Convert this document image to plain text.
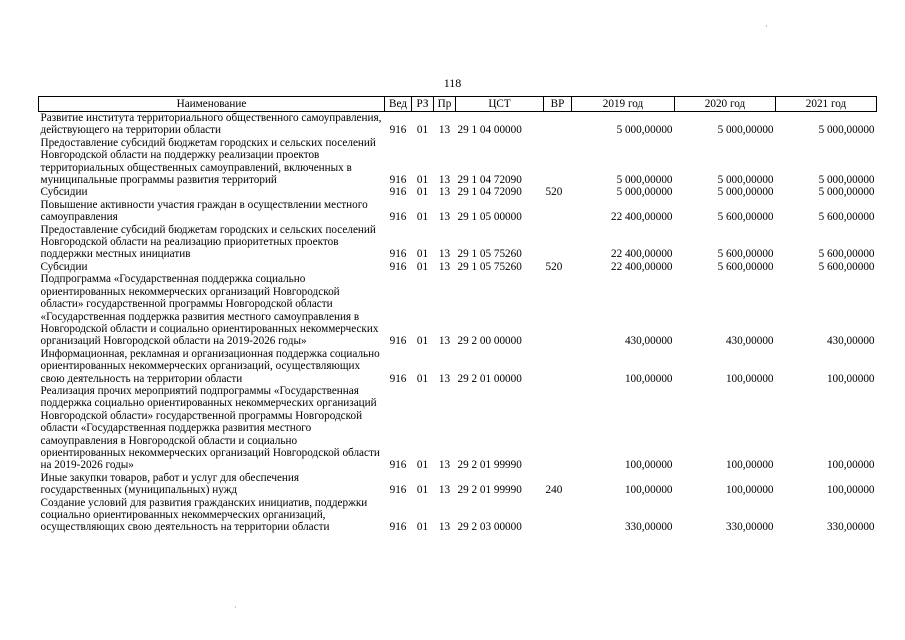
·
·
118
Наименование	Вед	РЗ	Пр	ЦСТ	ВР	2019 год	2020 год	2021 год
Развитие института территориального общественного самоуправления, действующего на территории области	916	01	13	29 1 04 00000		5 000,00000	5 000,00000	5 000,00000
Предоставление субсидий бюджетам городских и сельских поселений Новгородской области на поддержку реализации проектов территориальных общественных самоуправлений, включенных в муниципальные программы развития территорий	916	01	13	29 1 04 72090		5 000,00000	5 000,00000	5 000,00000
Субсидии	916	01	13	29 1 04 72090	520	5 000,00000	5 000,00000	5 000,00000
Повышение активности участия граждан в осуществлении местного самоуправления	916	01	13	29 1 05 00000		22 400,00000	5 600,00000	5 600,00000
Предоставление субсидий бюджетам городских и сельских поселений Новгородской области на реализацию приоритетных проектов поддержки местных инициатив	916	01	13	29 1 05 75260		22 400,00000	5 600,00000	5 600,00000
Субсидии	916	01	13	29 1 05 75260	520	22 400,00000	5 600,00000	5 600,00000
Подпрограмма «Государственная поддержка социально ориентированных некоммерческих организаций Новгородской области» государственной программы Новгородской области «Государственная поддержка развития местного самоуправления в Новгородской области и социально ориентированных некоммерческих организаций Новгородской области на 2019-2026 годы»	916	01	13	29 2 00 00000		430,00000	430,00000	430,00000
Информационная, рекламная и организационная поддержка социально ориентированных некоммерческих организаций, осуществляющих свою деятельность на территории области	916	01	13	29 2 01 00000		100,00000	100,00000	100,00000
Реализация прочих мероприятий подпрограммы «Государственная поддержка социально ориентированных некоммерческих организаций Новгородской области» государственной программы Новгородской области «Государственная поддержка развития местного самоуправления в Новгородской области и социально ориентированных некоммерческих организаций Новгородской области на 2019-2026 годы»	916	01	13	29 2 01 99990		100,00000	100,00000	100,00000
Иные закупки товаров, работ и услуг для обеспечения государственных (муниципальных) нужд	916	01	13	29 2 01 99990	240	100,00000	100,00000	100,00000
Создание условий для развития гражданских инициатив, поддержки социально ориентированных некоммерческих организаций, осуществляющих свою деятельность на территории области	916	01	13	29 2 03 00000		330,00000	330,00000	330,00000
